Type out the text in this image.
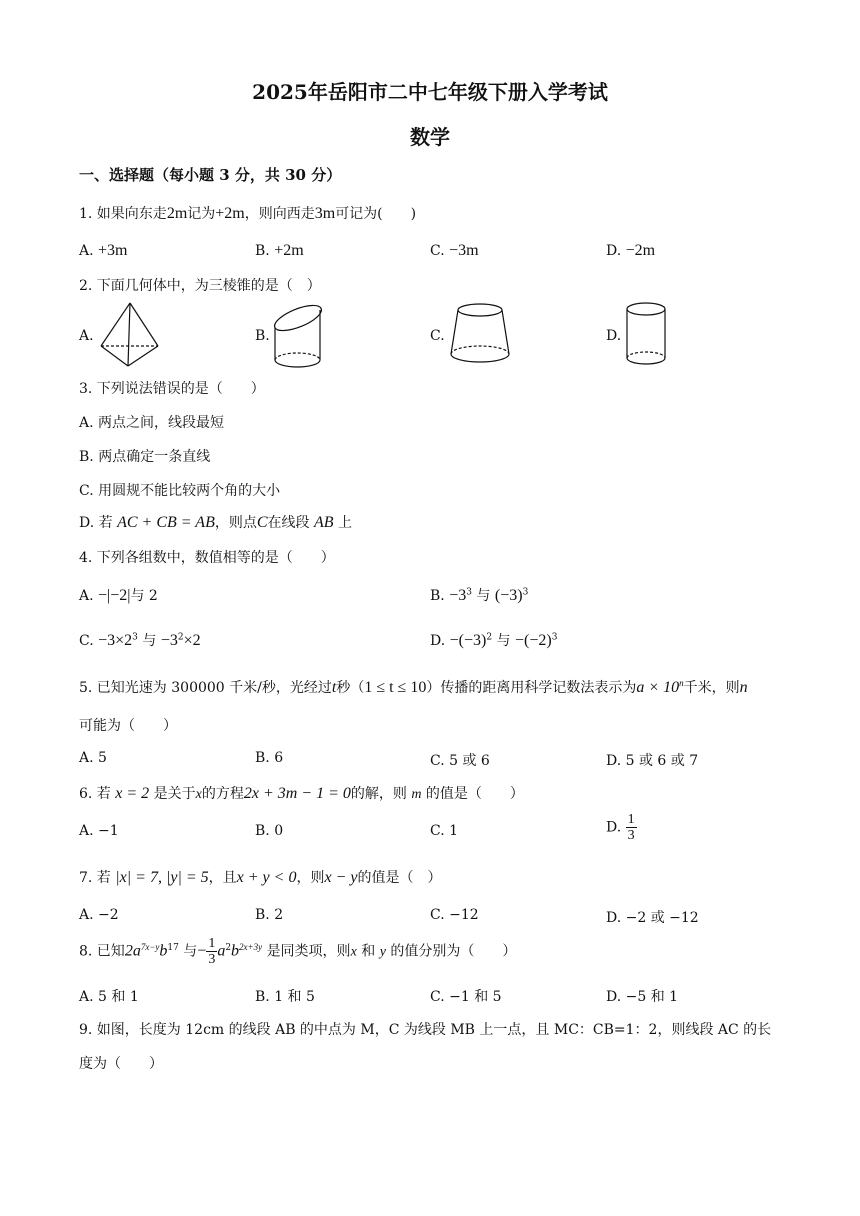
2025年岳阳市二中七年级下册入学考试
数学
一、选择题（每小题 3 分，共 30 分）
1. 如果向东走2m记为+2m，则向西走3m可记为(　　)
A. +3m	B. +2m	C. −3m	D. −2m
2. 下面几何体中，为三棱锥的是（　）
A.	B.	C.	D.
3. 下列说法错误的是（　　）
A. 两点之间，线段最短
B. 两点确定一条直线
C. 用圆规不能比较两个角的大小
D. 若 AC + CB = AB，则点C在线段 AB 上
4. 下列各组数中，数值相等的是（　　）
A. −|−2|与 2	B. $-3^3$ 与 $(-3)^3$
C. $-3\times 2^3$ 与 $-3^2\times 2$	D. $-(-3)^2$ 与 $-(-2)^3$
5. 已知光速为 300000 千米/秒，光经过t秒（1 ≤ t ≤ 10）传播的距离用科学记数法表示为$a \times 10^n$千米，则n
可能为（　　）
A. 5	B. 6	C. 5 或 6	D. 5 或 6 或 7
6. 若 x = 2 是关于x的方程2x + 3m − 1 = 0的解，则 m 的值是（　　）
A. −1	B. 0	C. 1	D. $\frac{1}{3}$
7. 若 |x| = 7, |y| = 5，且x + y < 0，则x − y的值是（　）
A. −2	B. 2	C. −12	D. −2 或 −12
8. 已知$2a^{7x-y}b^{17}$ 与− $\frac{1}{3} a^2b^{2x+3y}$ 是同类项，则x 和 y 的值分别为（　　）
A. 5 和 1	B. 1 和 5	C. −1 和 5	D. −5 和 1
9. 如图，长度为 12cm 的线段 AB 的中点为 M，C 为线段 MB 上一点，且 MC：CB=1：2，则线段 AC 的长
度为（　　）
